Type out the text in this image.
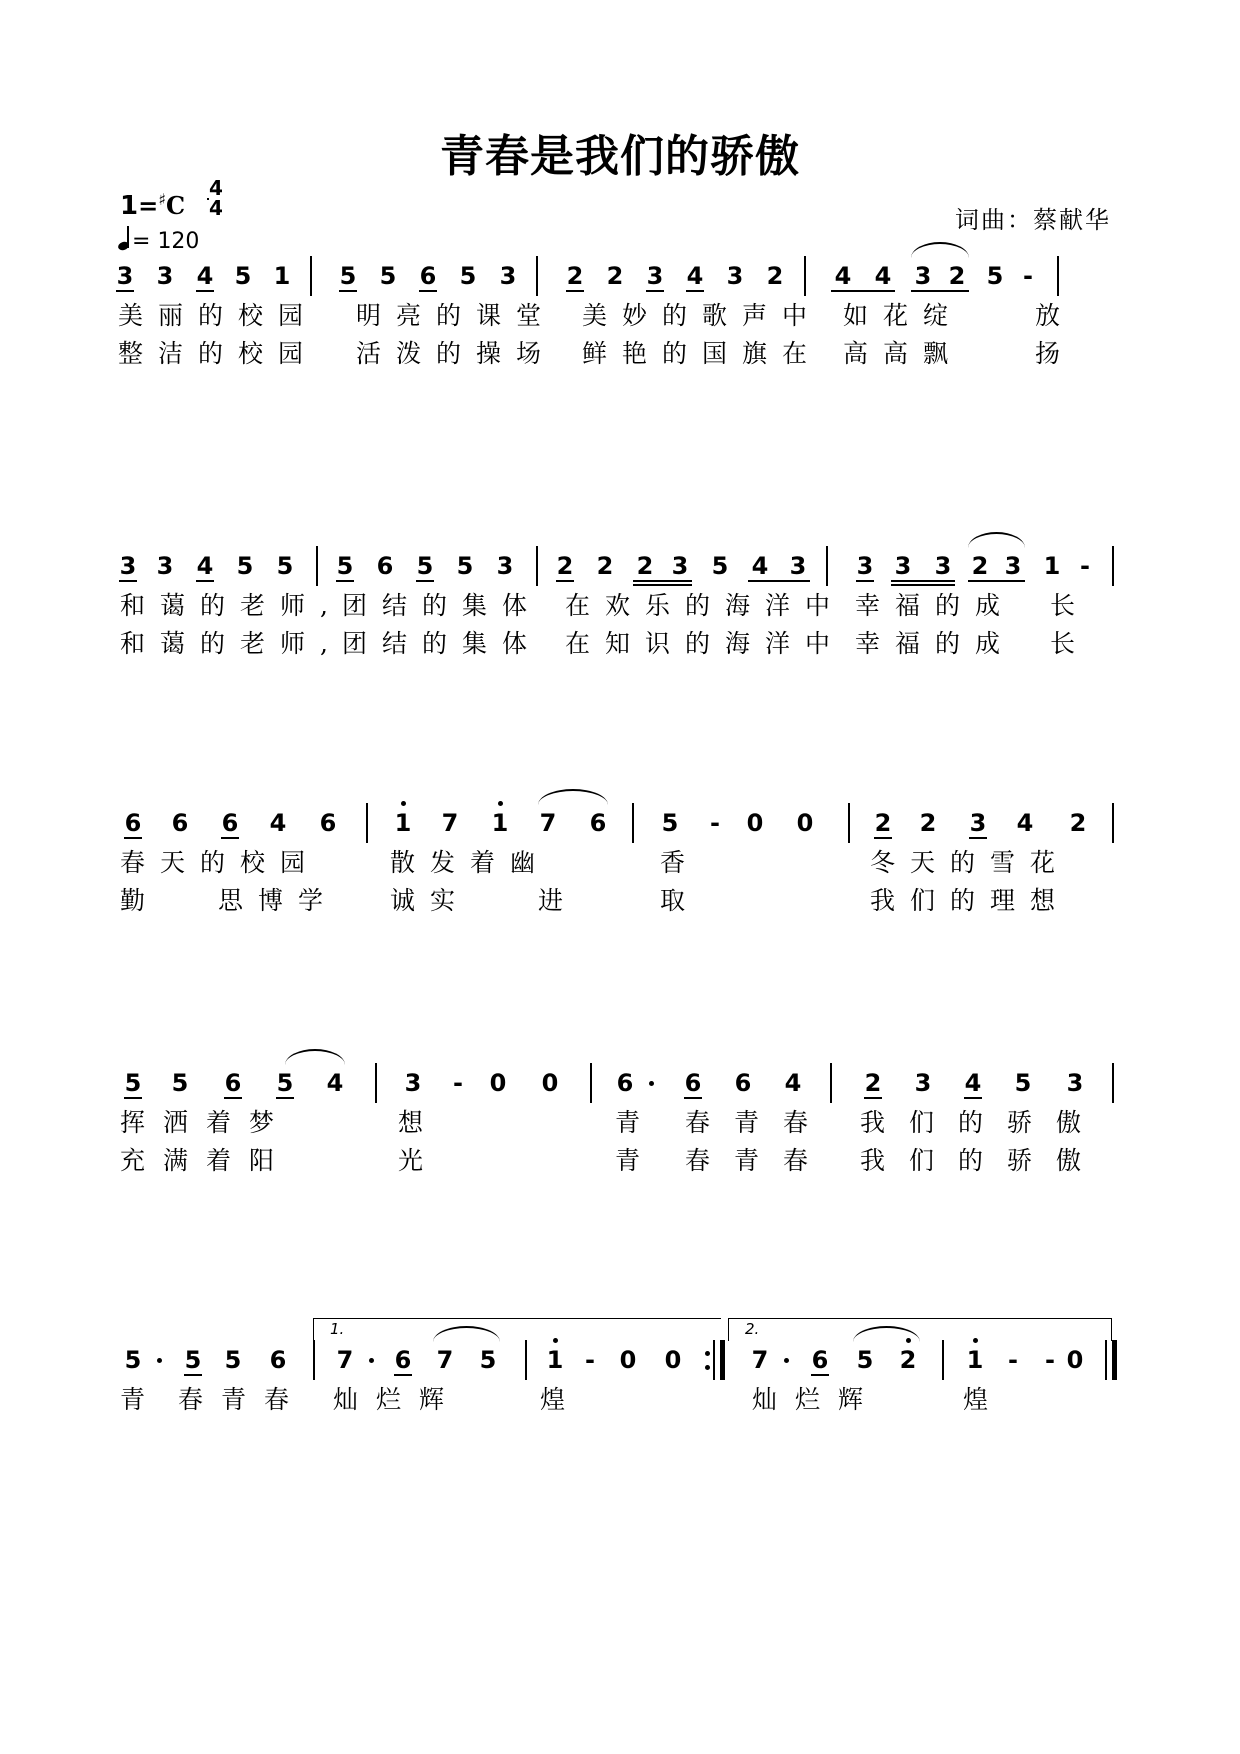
青春是我们的骄傲
1=♯C
4
4
= 120
词曲：蔡献华
3 3 4 5 1 5 5 6 5 3 2 2 3 4 3 2 4 4 3 2 5 -
美丽的校园 明亮的课堂 美妙的歌声中 如花绽	放
整洁的校园 活泼的操场 鲜艳的国旗在 高高飘	扬
3 3 4 5 5 5 6 5 5 3 2 2 2 3 5 4 3 3 3 3 2 3 1 -
和蔼的老师, 团结的集体 在欢乐的海洋中 幸福的成 长
和蔼的老师, 团结的集体 在知识的海洋中 幸福的成 长
6 6 6 4 6 1 7 1 7 6 5 - 0 0	2 2 3 4 2
春天的校园	散发着幽	香	冬天的雪花
勤	思博学 诚实	进	取	我们的理想
5 5 6 5 4	3 - 0 0 6 6 6 4	2 3 4 5 3
挥洒着梦	想	青 春青春 我们的骄傲
充满着阳	光	青 春青春 我们的骄傲
1.	2.
5 5 5 6 7 6 7 5 1 - 0 0	7 6 5 2 1 - - 0
青 春青春 灿烂辉	煌	灿烂辉	煌
